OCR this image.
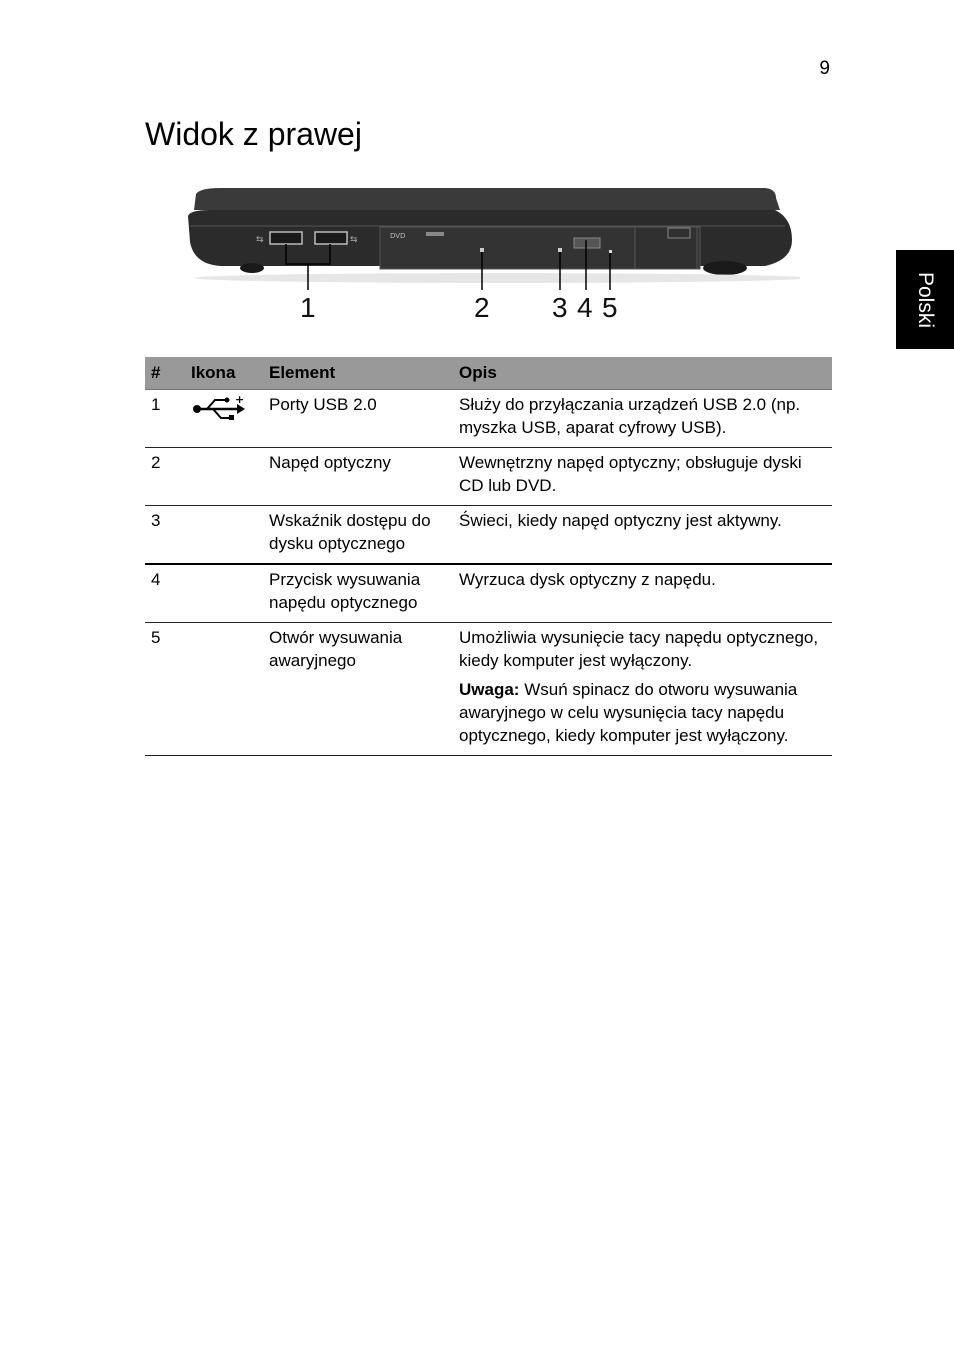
9
Widok z prawej
Polski
⇆	⇆	DVD
1	2 3 4 5
#	Ikona	Element	Opis
1	+	Porty USB 2.0	Służy do przyłączania urządzeń USB 2.0 (np. myszka USB, aparat cyfrowy USB).
2		Napęd optyczny	Wewnętrzny napęd optyczny; obsługuje dyski CD lub DVD.
3		Wskaźnik dostępu do dysku optycznego	Świeci, kiedy napęd optyczny jest aktywny.
4		Przycisk wysuwania napędu optycznego	Wyrzuca dysk optyczny z napędu.
5		Otwór wysuwania awaryjnego	Umożliwia wysunięcie tacy napędu optycznego, kiedy komputer jest wyłączony.
Uwaga: Wsuń spinacz do otworu wysuwania awaryjnego w celu wysunięcia tacy napędu optycznego, kiedy komputer jest wyłączony.
